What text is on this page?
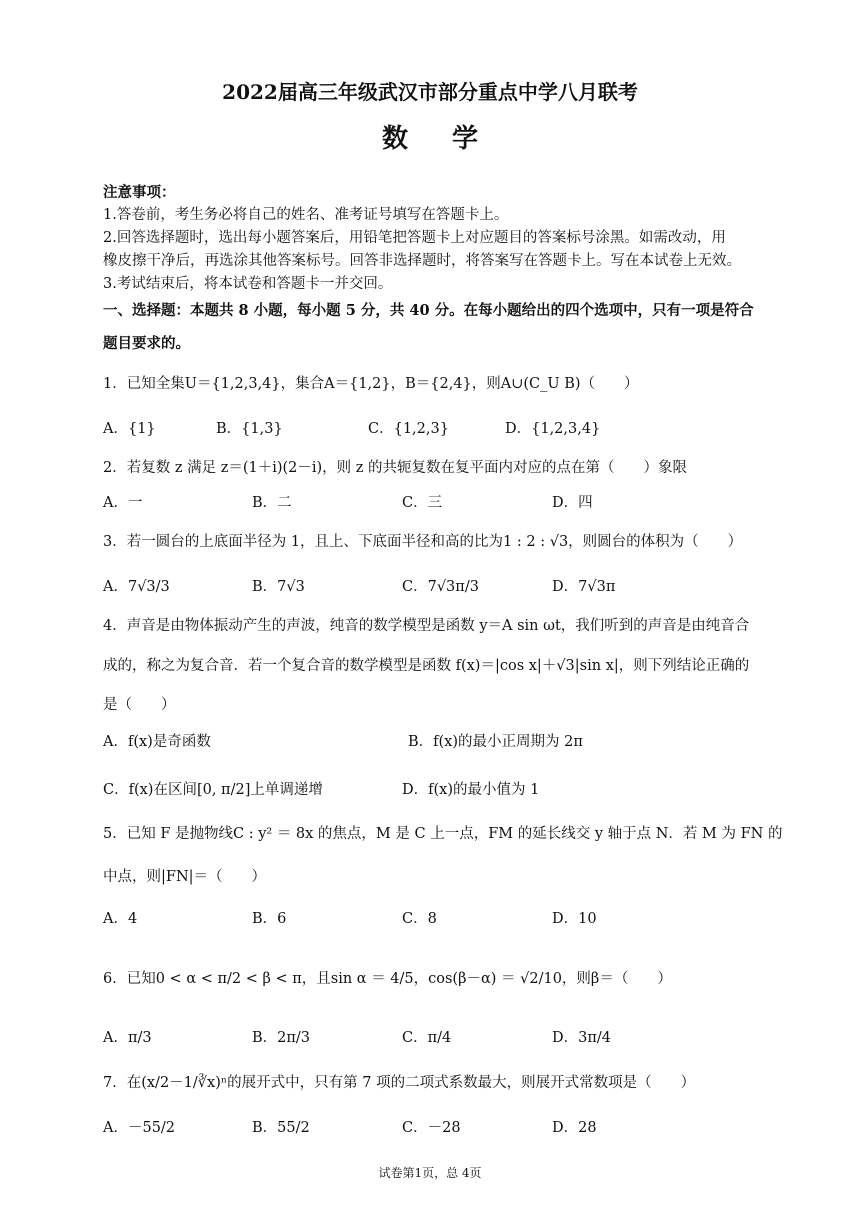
2022届高三年级武汉市部分重点中学八月联考
数学
注意事项：
1.答卷前，考生务必将自己的姓名、准考证号填写在答题卡上。
2.回答选择题时，选出每小题答案后，用铅笔把答题卡上对应题目的答案标号涂黑。如需改动，用
橡皮擦干净后，再选涂其他答案标号。回答非选择题时，将答案写在答题卡上。写在本试卷上无效。
3.考试结束后，将本试卷和答题卡一并交回。
一、选择题：本题共 8 小题，每小题 5 分，共 40 分。在每小题给出的四个选项中，只有一项是符合
题目要求的。
1．已知全集U＝{1,2,3,4}，集合A＝{1,2}，B＝{2,4}，则A∪(C_U B)（　　）
A．{1}	B．{1,3}	C．{1,2,3}	D．{1,2,3,4}
2．若复数 z 满足 z＝(1＋i)(2－i)，则 z 的共轭复数在复平面内对应的点在第（　　）象限
A．一	B．二	C．三	D．四
3．若一圆台的上底面半径为 1，且上、下底面半径和高的比为1 : 2 : √3，则圆台的体积为（　　）
A．7√3/3	B．7√3	C．7√3π/3	D．7√3π
4．声音是由物体振动产生的声波，纯音的数学模型是函数 y＝A sin ωt，我们听到的声音是由纯音合
成的，称之为复合音．若一个复合音的数学模型是函数 f(x)＝|cos x|＋√3|sin x|，则下列结论正确的
是（　　）
A．f(x)是奇函数	B．f(x)的最小正周期为 2π
C．f(x)在区间[0, π/2]上单调递增	D．f(x)的最小值为 1
5．已知 F 是抛物线C : y² ＝ 8x 的焦点，M 是 C 上一点，FM 的延长线交 y 轴于点 N．若 M 为 FN 的
中点，则|FN|＝（　　）
A．4	B．6	C．8	D．10
6．已知0 < α < π/2 < β < π，且sin α ＝ 4/5，cos(β－α) ＝ √2/10，则β＝（　　）
A．π/3	B．2π/3	C．π/4	D．3π/4
7．在(x/2－1/∛x)ⁿ的展开式中，只有第 7 项的二项式系数最大，则展开式常数项是（　　）
A．－55/2	B．55/2	C．－28	D．28
试卷第1页，总 4页
